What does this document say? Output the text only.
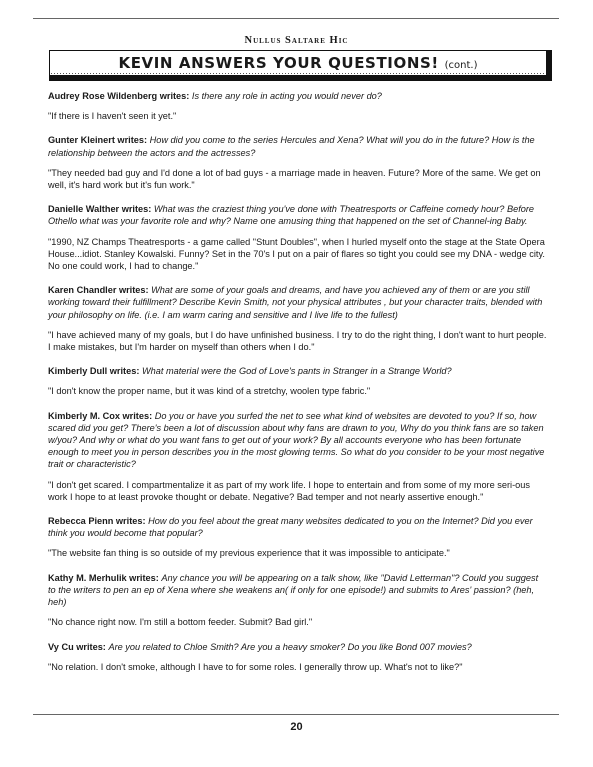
Nullus Saltare Hic
KEVIN ANSWERS YOUR QUESTIONS! (cont.)

Audrey Rose Wildenberg writes: Is there any role in acting you would never do?

"If there is I haven't seen it yet."

Gunter Kleinert writes: How did you come to the series Hercules and Xena? What will you do in the future? How is the relationship between the actors and the actresses?

"They needed bad guy and I'd done a lot of bad guys - a marriage made in heaven. Future? More of the same. We get on well, it's hard work but it's fun work."

Danielle Walther writes: What was the craziest thing you've done with Theatresports or Caffeine comedy hour? Before Othello what was your favorite role and why? Name one amusing thing that happened on the set of Channel-ing Baby.

"1990, NZ Champs Theatresports - a game called "Stunt Doubles", when I hurled myself onto the stage at the State Opera House...idiot. Stanley Kowalski. Funny? Set in the 70's I put on a pair of flares so tight you could see my DNA - wedge city. No one could work, I had to change."

Karen Chandler writes: What are some of your goals and dreams, and have you achieved any of them or are you still working toward their fulfillment? Describe Kevin Smith, not your physical attributes , but your character traits, blended with your philosophy on life. (i.e. I am warm caring and sensitive and I live life to the fullest)

"I have achieved many of my goals, but I do have unfinished business. I try to do the right thing, I don't want to hurt people. I make mistakes, but I'm harder on myself than others when I do."

Kimberly Dull writes: What material were the God of Love's pants in Stranger in a Strange World?

"I don't know the proper name, but it was kind of a stretchy, woolen type fabric."

Kimberly M. Cox writes: Do you or have you surfed the net to see what kind of websites are devoted to you? If so, how scared did you get? There's been a lot of discussion about why fans are drawn to you, Why do you think fans are so taken w/you? And why or what do you want fans to get out of your work? By all accounts everyone who has been fortunate enough to meet you in person describes you in the most glowing terms. So what do you consider to be your most negative trait or characteristic?

"I don't get scared. I compartmentalize it as part of my work life. I hope to entertain and from some of my more seri-ous work I hope to at least provoke thought or debate. Negative? Bad temper and not nearly assertive enough."

Rebecca Pienn writes: How do you feel about the great many websites dedicated to you on the Internet? Did you ever think you would become that popular?

"The website fan thing is so outside of my previous experience that it was impossible to anticipate."

Kathy M. Merhulik writes: Any chance you will be appearing on a talk show, like "David Letterman"? Could you suggest to the writers to pen an ep of Xena where she weakens an( if only for one episode!) and submits to Ares' passion? (heh, heh)

"No chance right now. I'm still a bottom feeder. Submit? Bad girl."

Vy Cu writes: Are you related to Chloe Smith? Are you a heavy smoker? Do you like Bond 007 movies?

"No relation. I don't smoke, although I have to for some roles. I generally throw up. What's not to like?"

20
